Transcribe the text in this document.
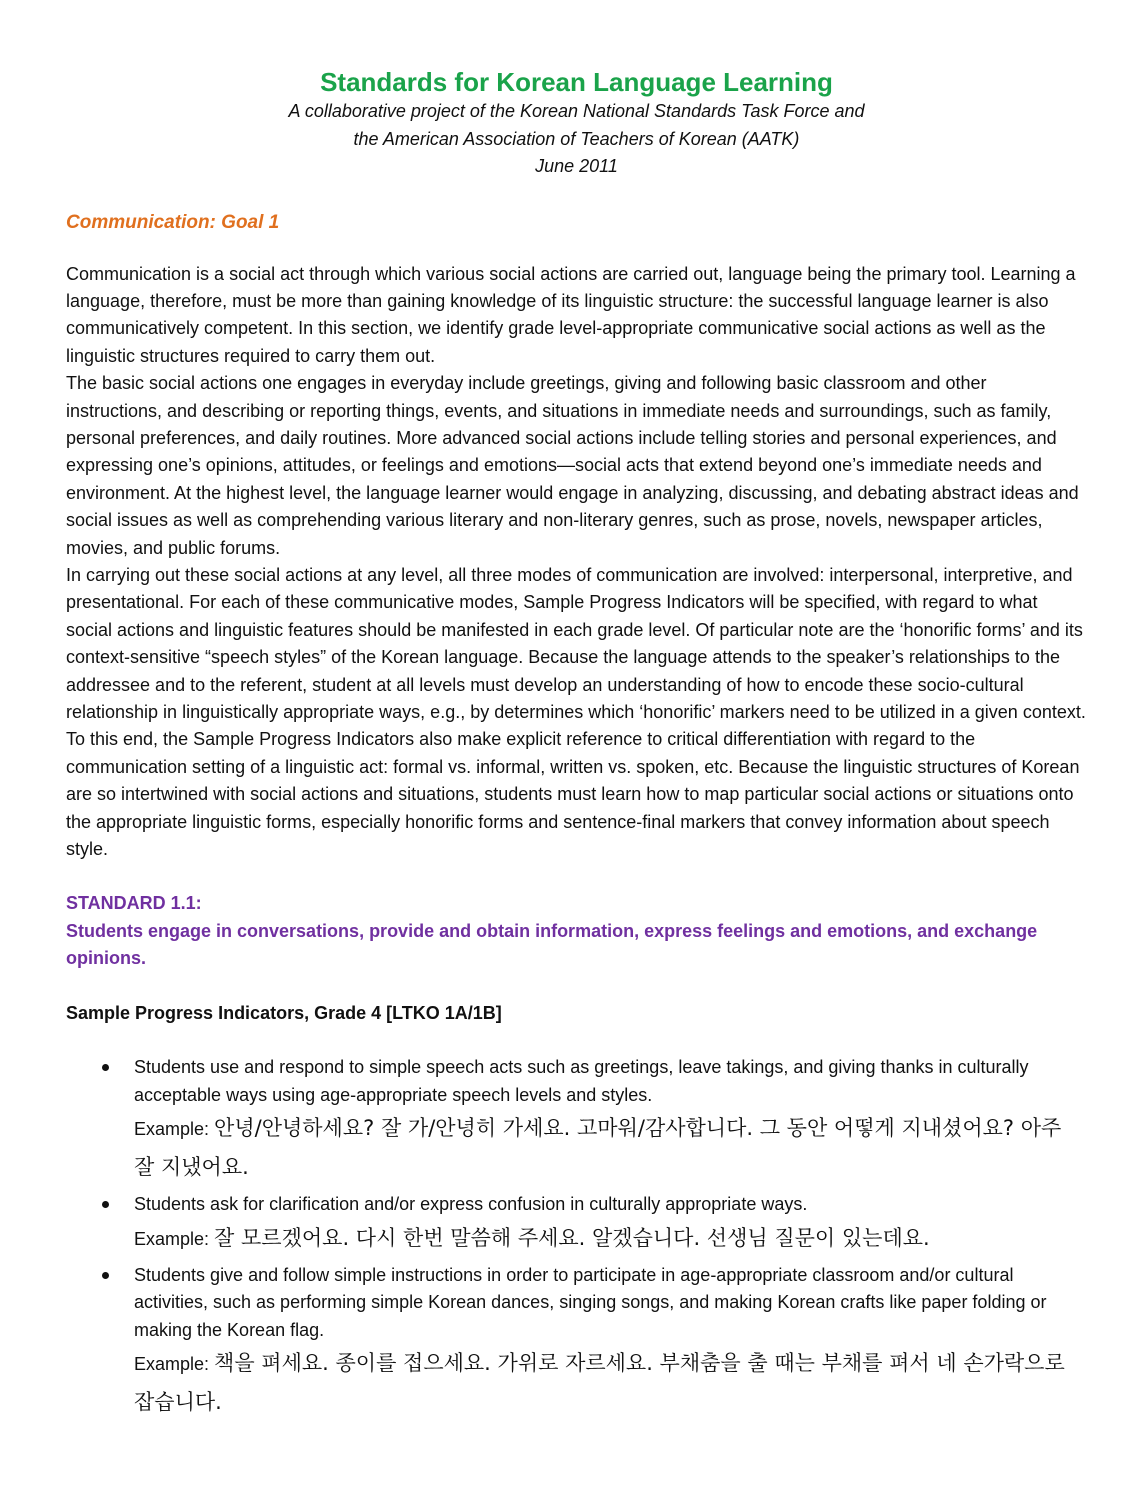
Standards for Korean Language Learning

A collaborative project of the Korean National Standards Task Force and

the American Association of Teachers of Korean (AATK)

June 2011

Communication: Goal 1

Communication is a social act through which various social actions are carried out, language being the primary tool. Learning a language, therefore, must be more than gaining knowledge of its linguistic structure: the successful language learner is also communicatively competent. In this section, we identify grade level-appropriate communicative social actions as well as the linguistic structures required to carry them out.

The basic social actions one engages in everyday include greetings, giving and following basic classroom and other instructions, and describing or reporting things, events, and situations in immediate needs and surroundings, such as family, personal preferences, and daily routines. More advanced social actions include telling stories and personal experiences, and expressing one’s opinions, attitudes, or feelings and emotions—social acts that extend beyond one’s immediate needs and environment. At the highest level, the language learner would engage in analyzing, discussing, and debating abstract ideas and social issues as well as comprehending various literary and non-literary genres, such as prose, novels, newspaper articles, movies, and public forums.

In carrying out these social actions at any level, all three modes of communication are involved: interpersonal, interpretive, and presentational. For each of these communicative modes, Sample Progress Indicators will be specified, with regard to what social actions and linguistic features should be manifested in each grade level. Of particular note are the ‘honorific forms’ and its context-sensitive “speech styles” of the Korean language. Because the language attends to the speaker’s relationships to the addressee and to the referent, student at all levels must develop an understanding of how to encode these socio-cultural relationship in linguistically appropriate ways, e.g., by determines which ‘honorific’ markers need to be utilized in a given context. To this end, the Sample Progress Indicators also make explicit reference to critical differentiation with regard to the communication setting of a linguistic act: formal vs. informal, written vs. spoken, etc. Because the linguistic structures of Korean are so intertwined with social actions and situations, students must learn how to map particular social actions or situations onto the appropriate linguistic forms, especially honorific forms and sentence-final markers that convey information about speech style.

STANDARD 1.1:

Students engage in conversations, provide and obtain information, express feelings and emotions, and exchange opinions.

Sample Progress Indicators, Grade 4 [LTKO 1A/1B]

Students use and respond to simple speech acts such as greetings, leave takings, and giving thanks in culturally acceptable ways using age-appropriate speech levels and styles.

Example: 안녕/안녕하세요? 잘 가/안녕히 가세요. 고마워/감사합니다. 그 동안 어떻게 지내셨어요? 아주 잘 지냈어요.

Students ask for clarification and/or express confusion in culturally appropriate ways.

Example: 잘 모르겠어요. 다시 한번 말씀해 주세요. 알겠습니다. 선생님 질문이 있는데요.

Students give and follow simple instructions in order to participate in age-appropriate classroom and/or cultural activities, such as performing simple Korean dances, singing songs, and making Korean crafts like paper folding or making the Korean flag.

Example: 책을 펴세요. 종이를 접으세요. 가위로 자르세요. 부채춤을 출 때는 부채를 펴서 네 손가락으로 잡습니다.
